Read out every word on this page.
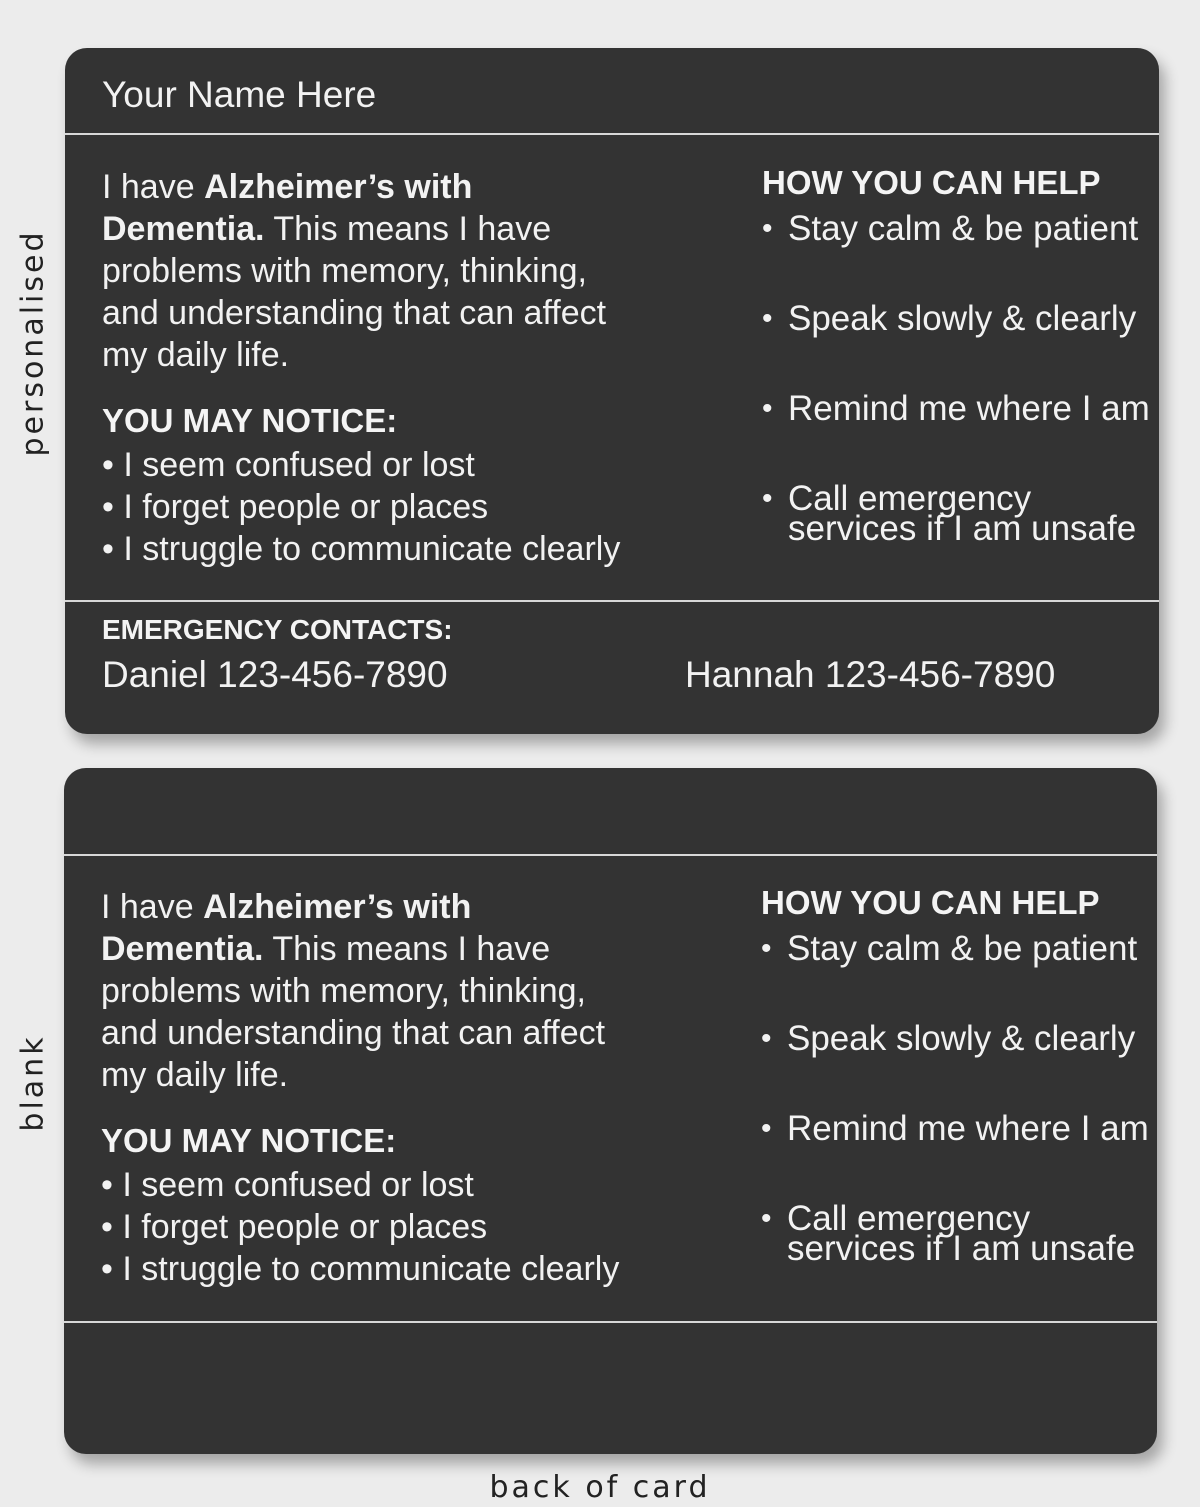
personalised
blank
Your Name Here
I have Alzheimer’s with Dementia. This means I have problems with memory, thinking, and understanding that can affect my daily life.
YOU MAY NOTICE:
• I seem confused or lost
• I forget people or places
• I struggle to communicate clearly
HOW YOU CAN HELP
• Stay calm & be patient
• Speak slowly & clearly
• Remind me where I am
• Call emergency services if I am unsafe
EMERGENCY CONTACTS:
Daniel 123-456-7890	Hannah 123-456-7890
I have Alzheimer’s with Dementia. This means I have problems with memory, thinking, and understanding that can affect my daily life.
YOU MAY NOTICE:
• I seem confused or lost
• I forget people or places
• I struggle to communicate clearly
HOW YOU CAN HELP
• Stay calm & be patient
• Speak slowly & clearly
• Remind me where I am
• Call emergency services if I am unsafe
back of card
